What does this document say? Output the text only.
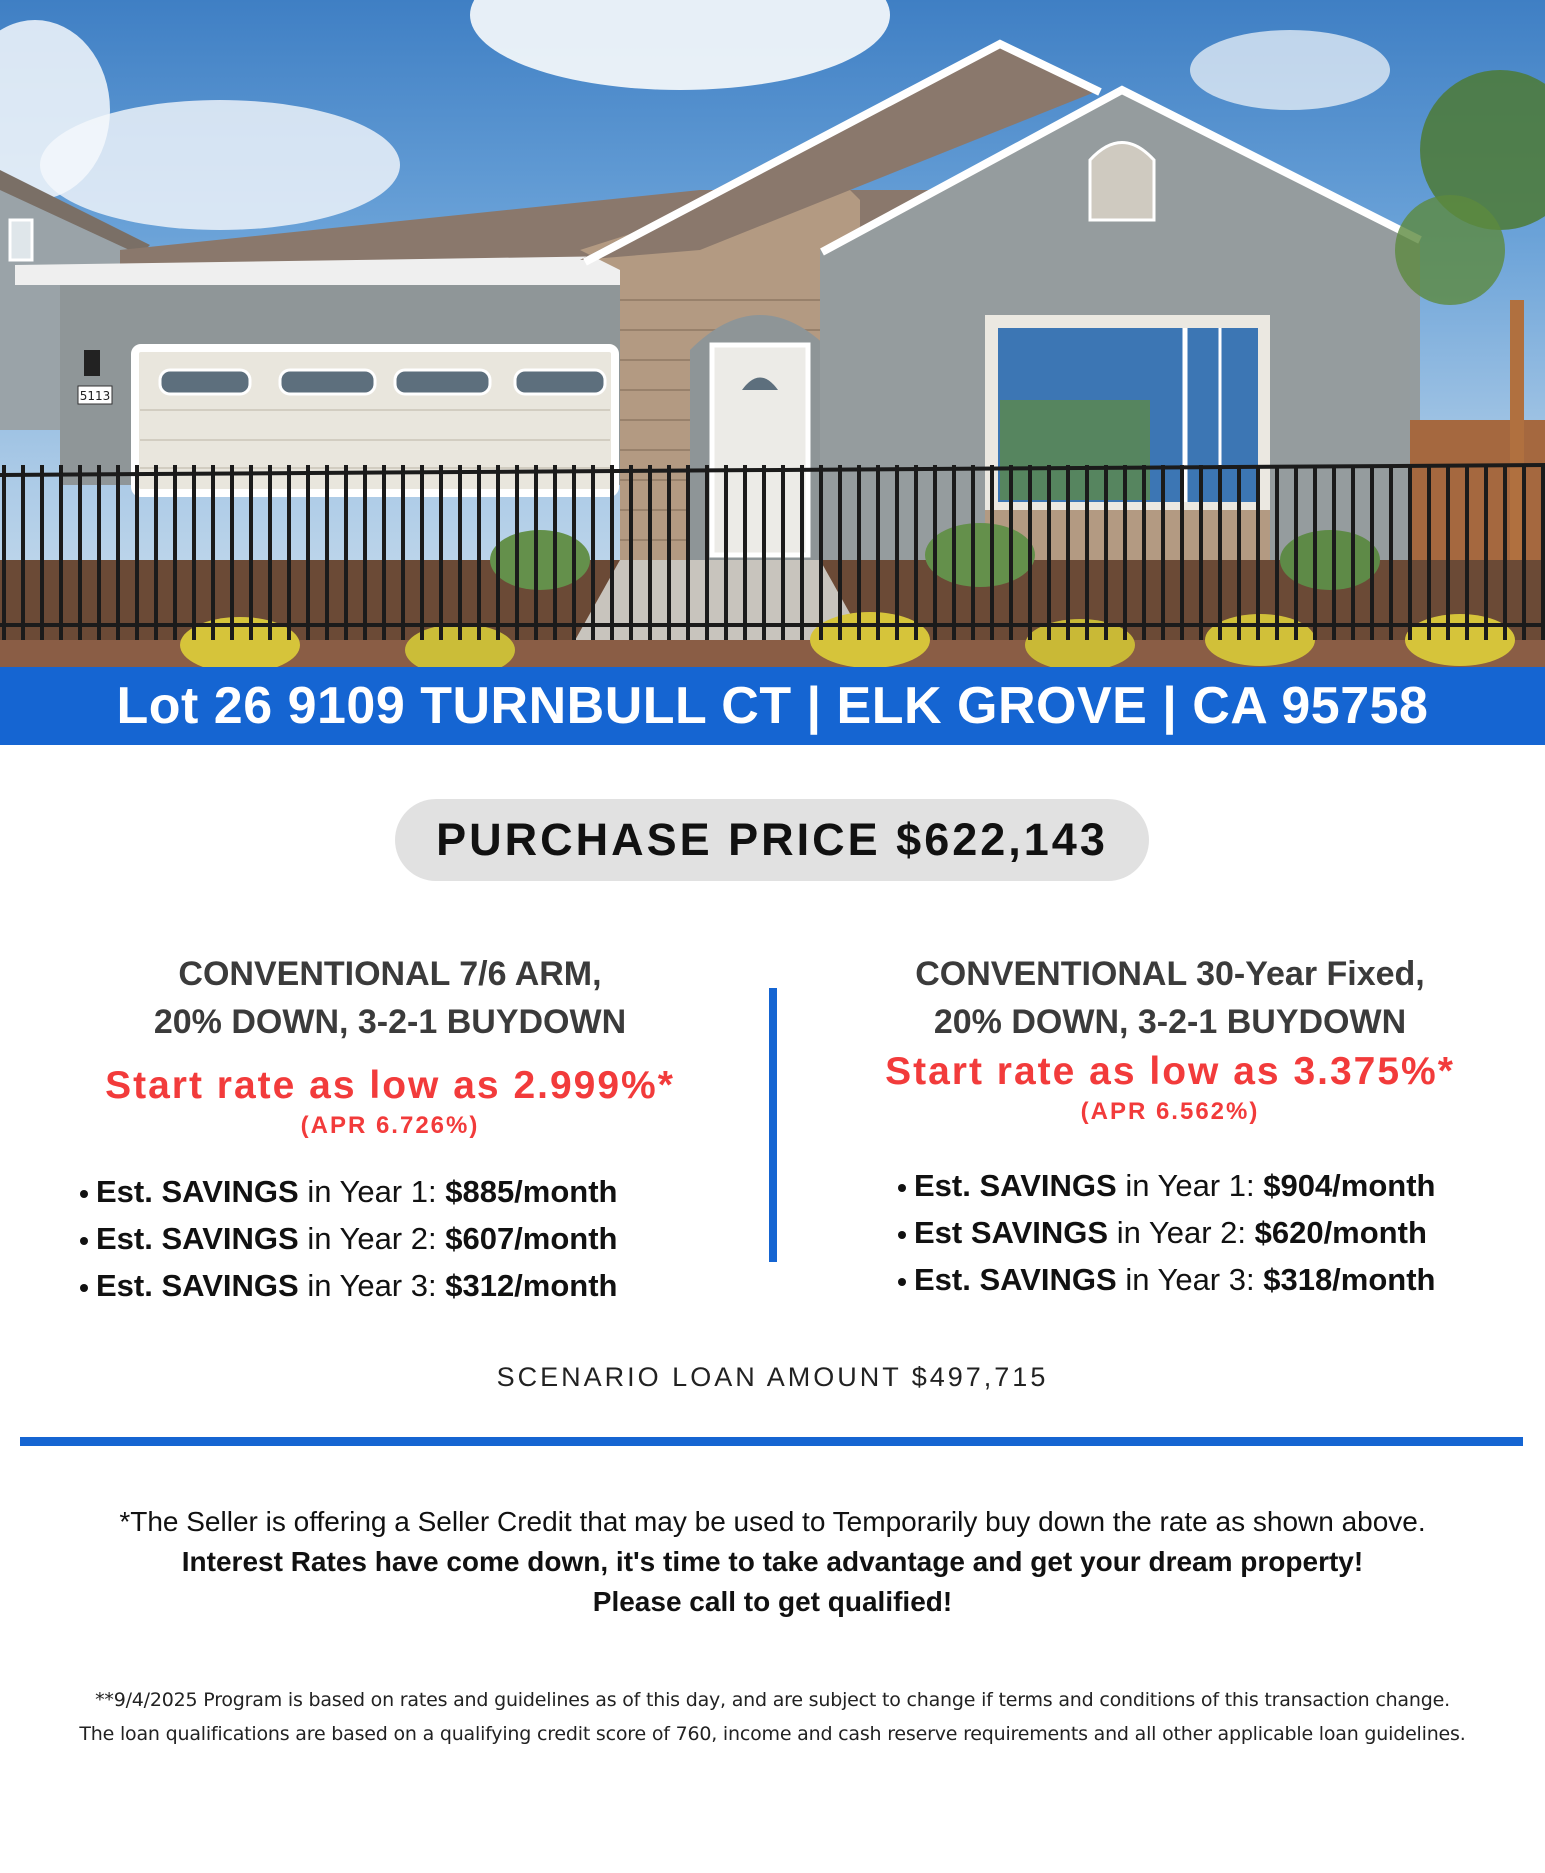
5113
Lot 26 9109 TURNBULL CT | ELK GROVE | CA 95758
PURCHASE PRICE $622,143
CONVENTIONAL 7/6 ARM,
20% DOWN, 3-2-1 BUYDOWN
Start rate as low as 2.999%*
(APR 6.726%)
Est. SAVINGS in Year 1: $885/month
Est. SAVINGS in Year 2: $607/month
Est. SAVINGS in Year 3: $312/month
CONVENTIONAL 30-Year Fixed,
20% DOWN, 3-2-1 BUYDOWN
Start rate as low as 3.375%*
(APR 6.562%)
Est. SAVINGS in Year 1: $904/month
Est SAVINGS in Year 2: $620/month
Est. SAVINGS in Year 3: $318/month
SCENARIO LOAN AMOUNT $497,715
*The Seller is offering a Seller Credit that may be used to Temporarily buy down the rate as shown above.
Interest Rates have come down, it's time to take advantage and get your dream property!
Please call to get qualified!
**9/4/2025 Program is based on rates and guidelines as of this day, and are subject to change if terms and conditions of this transaction change.
The loan qualifications are based on a qualifying credit score of 760, income and cash reserve requirements and all other applicable loan guidelines.
